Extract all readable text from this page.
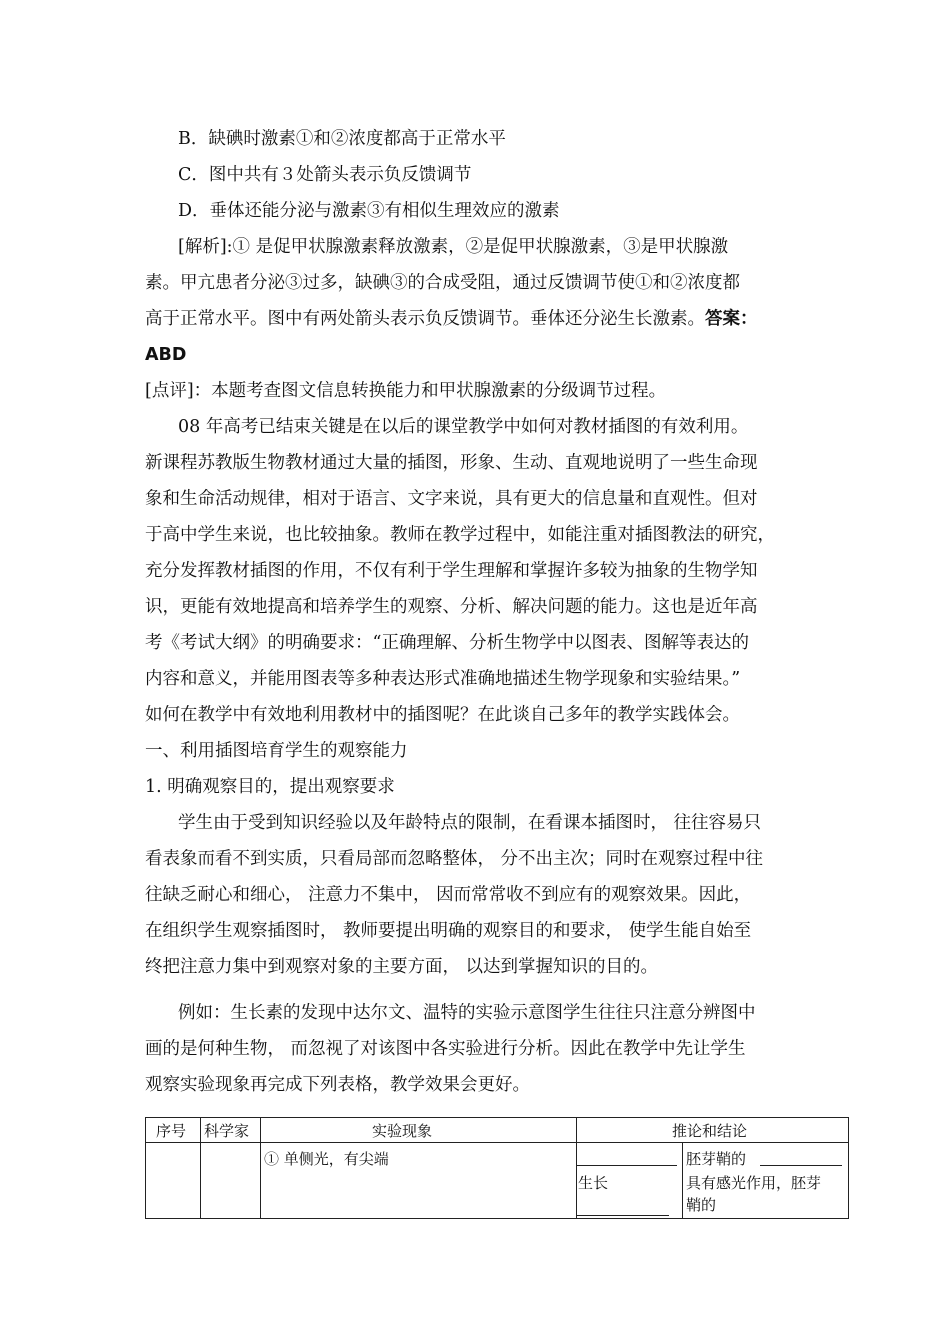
B．缺碘时激素①和②浓度都高于正常水平
C．图中共有３处箭头表示负反馈调节
D．垂体还能分泌与激素③有相似生理效应的激素
[解析]:① 是促甲状腺激素释放激素，②是促甲状腺激素，③是甲状腺激
素。甲亢患者分泌③过多，缺碘③的合成受阻，通过反馈调节使①和②浓度都
高于正常水平。图中有两处箭头表示负反馈调节。垂体还分泌生长激素。答案：
ABD
[点评]：本题考查图文信息转换能力和甲状腺激素的分级调节过程。
08 年高考已结束关键是在以后的课堂教学中如何对教材插图的有效利用。
新课程苏教版生物教材通过大量的插图，形象、生动、直观地说明了一些生命现
象和生命活动规律，相对于语言、文字来说，具有更大的信息量和直观性。但对
于高中学生来说，也比较抽象。教师在教学过程中，如能注重对插图教法的研究，
充分发挥教材插图的作用，不仅有利于学生理解和掌握许多较为抽象的生物学知
识，更能有效地提高和培养学生的观察、分析、解决问题的能力。这也是近年高
考《考试大纲》的明确要求：“正确理解、分析生物学中以图表、图解等表达的
内容和意义，并能用图表等多种表达形式准确地描述生物学现象和实验结果。”
如何在教学中有效地利用教材中的插图呢？在此谈自己多年的教学实践体会。
一、利用插图培育学生的观察能力
1. 明确观察目的，提出观察要求
学生由于受到知识经验以及年龄特点的限制，在看课本插图时， 往往容易只
看表象而看不到实质，只看局部而忽略整体， 分不出主次；同时在观察过程中往
往缺乏耐心和细心， 注意力不集中， 因而常常收不到应有的观察效果。因此，
在组织学生观察插图时， 教师要提出明确的观察目的和要求， 使学生能自始至
终把注意力集中到观察对象的主要方面， 以达到掌握知识的目的。
例如：生长素的发现中达尔文、温特的实验示意图学生往往只注意分辨图中
画的是何种生物， 而忽视了对该图中各实验进行分析。因此在教学中先让学生
观察实验现象再完成下列表格，教学效果会更好。
序号 科学家	实验现象	推论和结论
① 单侧光，有尖端
生长
胚芽鞘的
具有感光作用，胚芽
鞘的
